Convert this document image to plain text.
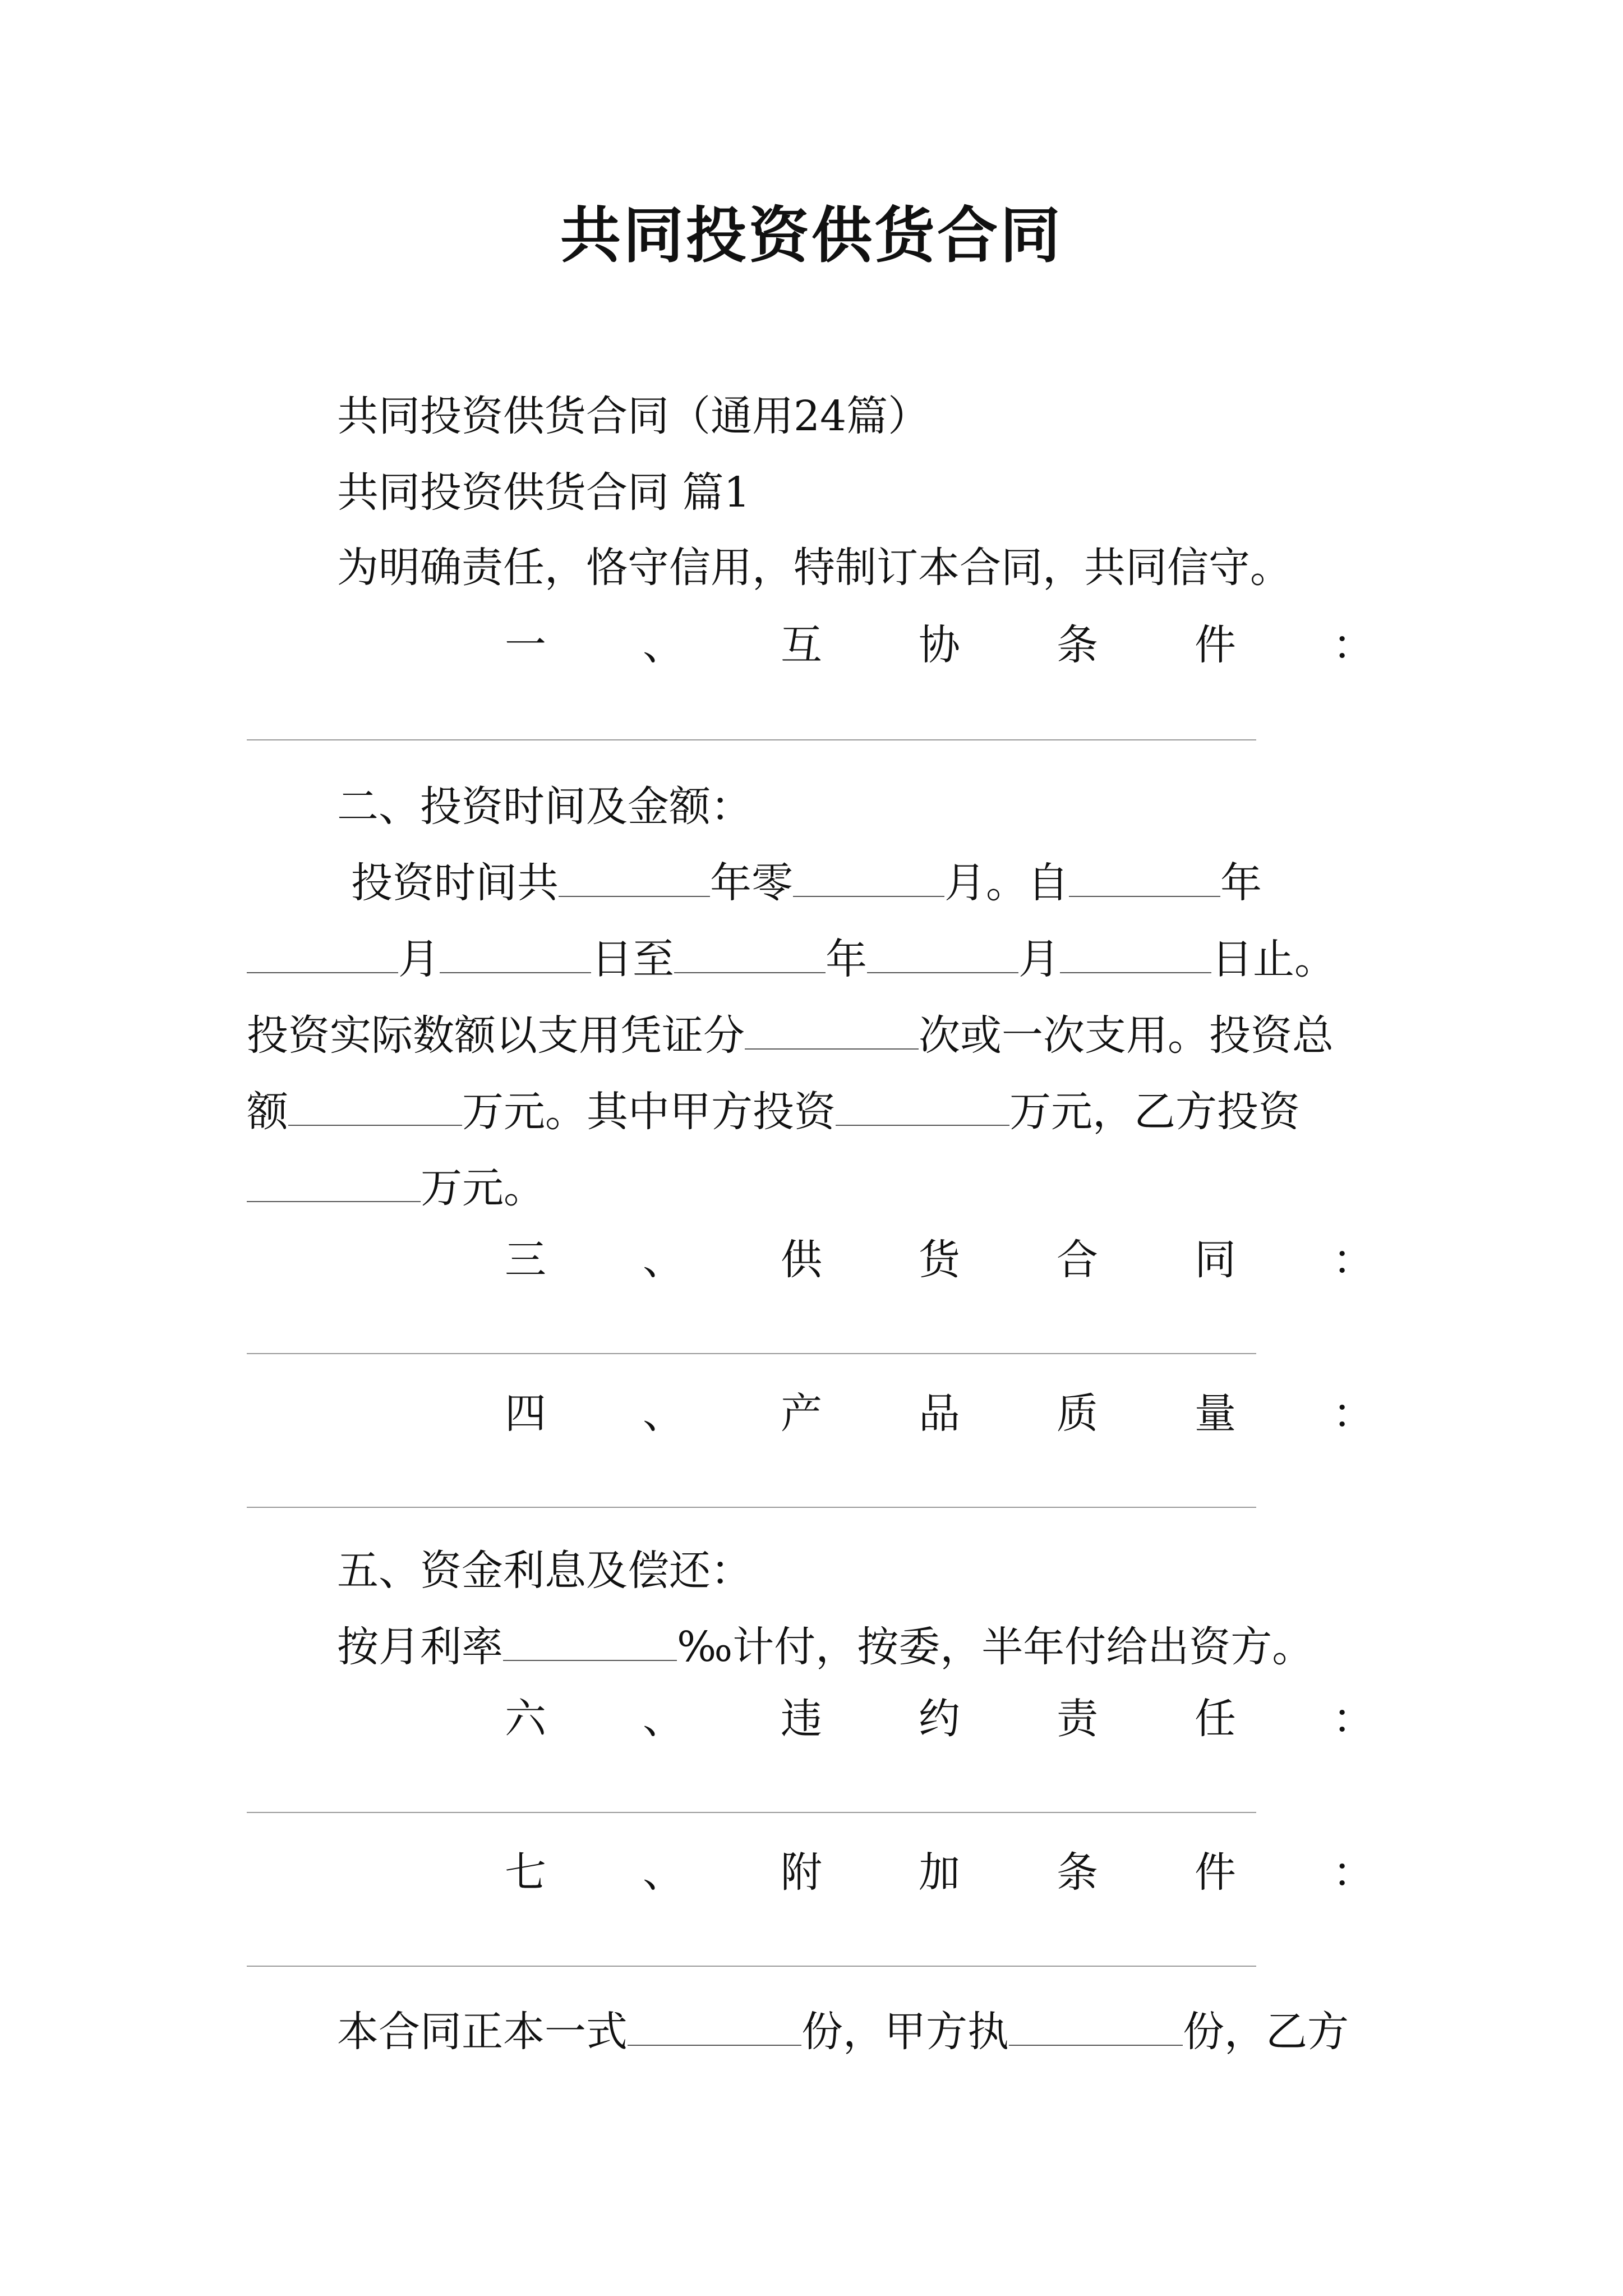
共同投资供货合同
共同投资供货合同（通用24篇）
共同投资供货合同 篇1
为明确责任，恪守信用，特制订本合同，共同信守。
一 、 互 协 条 件 ：
二、投资时间及金额：
投资时间共	年零	月。自	年
月	日至	年	月	日止。
投资实际数额以支用凭证分	次或一次支用。投资总
额	万元。其中甲方投资	万元，乙方投资
万元。
三 、 供 货 合 同 ：
四 、 产 品 质 量 ：
五、资金利息及偿还：
按月利率	‰计付，按委，半年付给出资方。
六 、 违 约 责 任 ：
七 、 附 加 条 件 ：
本合同正本一式	份，甲方执	份，乙方
